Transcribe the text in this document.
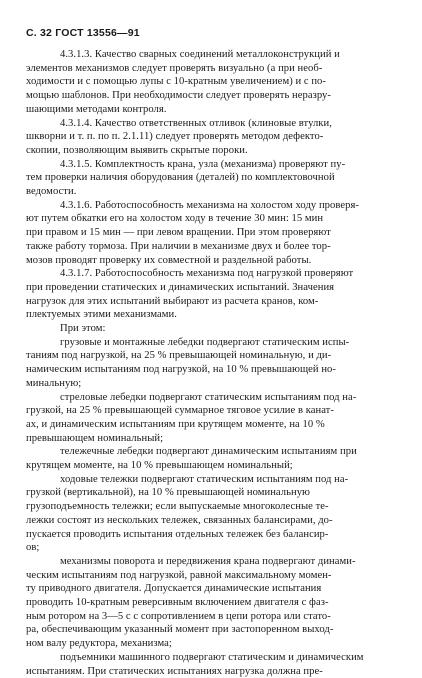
С. 32 ГОСТ 13556—91
4.3.1.3. Качество сварных соединений металлоконструкций и
элементов механизмов следует проверять визуально (а при необ-
ходимости и с помощью лупы с 10-кратным увеличением) и с по-
мощью шаблонов. При необходимости следует проверять неразру-
шающими методами контроля.
4.3.1.4. Качество ответственных отливок (клиновые втулки,
шкворни и т. п. по п. 2.1.11) следует проверять методом дефекто-
скопии, позволяющим выявить скрытые пороки.
4.3.1.5. Комплектность крана, узла (механизма) проверяют пу-
тем проверки наличия оборудования (деталей) по комплектовочной
ведомости.
4.3.1.6. Работоспособность механизма на холостом ходу проверя-
ют путем обкатки его на холостом ходу в течение 30 мин: 15 мин
при правом и 15 мин — при левом вращении. При этом проверяют
также работу тормоза. При наличии в механизме двух и более тор-
мозов проводят проверку их совместной и раздельной работы.
4.3.1.7. Работоспособность механизма под нагрузкой проверяют
при проведении статических и динамических испытаний. Значения
нагрузок для этих испытаний выбирают из расчета кранов, ком-
плектуемых этими механизмами.
При этом:
грузовые и монтажные лебедки подвергают статическим испы-
таниям под нагрузкой, на 25 % превышающей номинальную, и ди-
намическим испытаниям под нагрузкой, на 10 % превышающей но-
минальную;
стреловые лебедки подвергают статическим испытаниям под на-
грузкой, на 25 % превышающей суммарное тяговое усилие в канат-
ах, и динамическим испытаниям при крутящем моменте, на 10 %
превышающем номинальный;
тележечные лебедки подвергают динамическим испытаниям при
крутящем моменте, на 10 % превышающем номинальный;
ходовые тележки подвергают статическим испытаниям под на-
грузкой (вертикальной), на 10 % превышающей номинальную
грузоподъемность тележки; если выпускаемые многоколесные те-
лежки состоят из нескольких тележек, связанных балансирами, до-
пускается проводить испытания отдельных тележек без балансир-
ов;
механизмы поворота и передвижения крана подвергают динами-
ческим испытаниям под нагрузкой, равной максимальному момен-
ту приводного двигателя. Допускается динамические испытания
проводить 10-кратным реверсивным включением двигателя с фаз-
ным ротором на 3—5 с с сопротивлением в цепи ротора или стато-
ра, обеспечивающим указанный момент при застопоренном выход-
ном валу редуктора, механизма;
подъемники машинного подвергают статическим и динамическим
испытаниям. При статических испытаниях нагрузка должна пре-
